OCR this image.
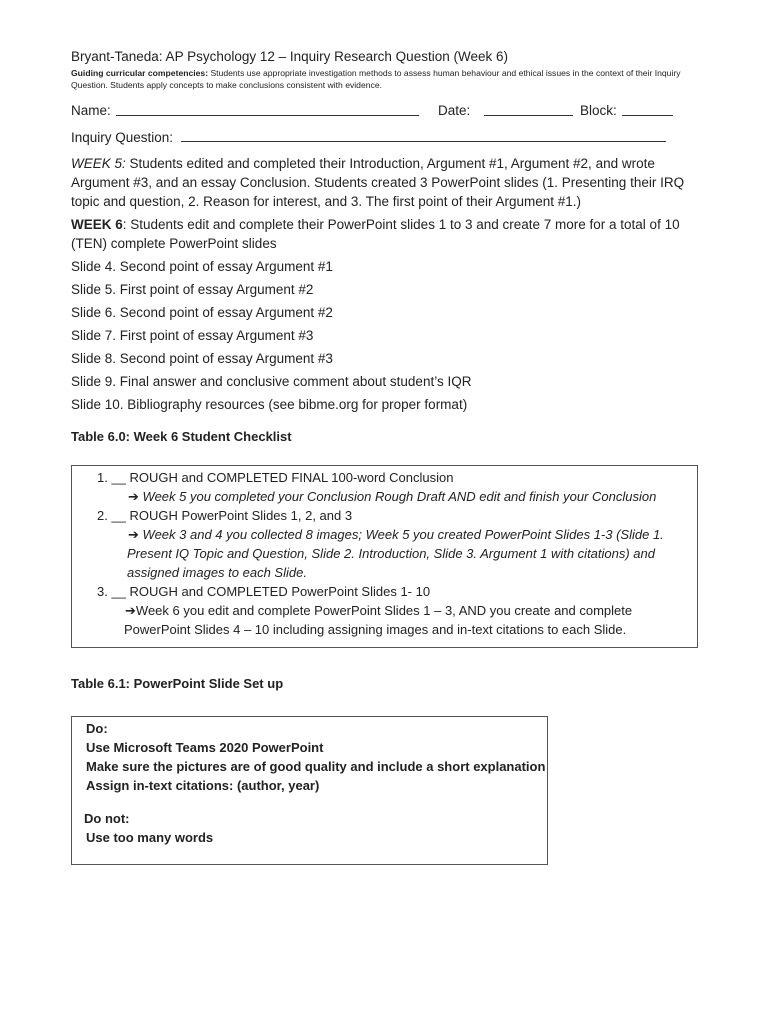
Bryant-Taneda: AP Psychology 12 – Inquiry Research Question (Week 6)

Guiding curricular competencies: Students use appropriate investigation methods to assess human behaviour and ethical issues in the context of their Inquiry Question. Students apply concepts to make conclusions consistent with evidence.
Name:	Date:	Block:
Inquiry Question:
WEEK 5: Students edited and completed their Introduction, Argument #1, Argument #2, and wrote Argument #3, and an essay Conclusion. Students created 3 PowerPoint slides (1. Presenting their IRQ topic and question, 2. Reason for interest, and 3. The first point of their Argument #1.)
WEEK 6: Students edit and complete their PowerPoint slides 1 to 3 and create 7 more for a total of 10 (TEN) complete PowerPoint slides
Slide 4. Second point of essay Argument #1
Slide 5. First point of essay Argument #2
Slide 6. Second point of essay Argument #2
Slide 7. First point of essay Argument #3
Slide 8. Second point of essay Argument #3
Slide 9. Final answer and conclusive comment about student’s IQR
Slide 10. Bibliography resources (see bibme.org for proper format)
Table 6.0: Week 6 Student Checklist
1. __ ROUGH and COMPLETED FINAL 100-word Conclusion
➔ Week 5 you completed your Conclusion Rough Draft AND edit and finish your Conclusion
2. __ ROUGH PowerPoint Slides 1, 2, and 3
➔ Week 3 and 4 you collected 8 images; Week 5 you created PowerPoint Slides 1-3 (Slide 1.
Present IQ Topic and Question, Slide 2. Introduction, Slide 3. Argument 1 with citations) and
assigned images to each Slide.
3. __ ROUGH and COMPLETED PowerPoint Slides 1- 10
➔Week 6 you edit and complete PowerPoint Slides 1 – 3, AND you create and complete
PowerPoint Slides 4 – 10 including assigning images and in-text citations to each Slide.
Table 6.1: PowerPoint Slide Set up
Do:
Use Microsoft Teams 2020 PowerPoint
Make sure the pictures are of good quality and include a short explanation
Assign in-text citations: (author, year)
Do not:
Use too many words
